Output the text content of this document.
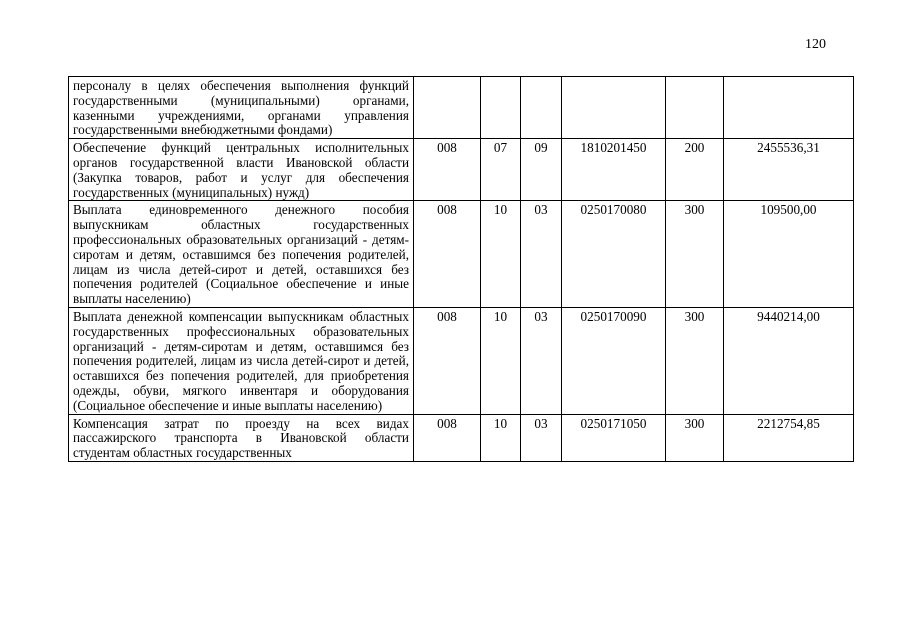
120
персоналу в целях обеспечения выполнения функций государственными (муниципальными) органами, казенными учреждениями, органами управления государственными внебюджетными фондами)						
Обеспечение функций центральных исполнительных органов государственной власти Ивановской области (Закупка товаров, работ и услуг для обеспечения государственных (муниципальных) нужд)	008	07	09	1810201450	200	2455536,31
Выплата единовременного денежного пособия выпускникам областных государственных профессиональных образовательных организаций - детям-сиротам и детям, оставшимся без попечения родителей, лицам из числа детей-сирот и детей, оставшихся без попечения родителей (Социальное обеспечение и иные выплаты населению)	008	10	03	0250170080	300	109500,00
Выплата денежной компенсации выпускникам областных государственных профессиональных образовательных организаций - детям-сиротам и детям, оставшимся без попечения родителей, лицам из числа детей-сирот и детей, оставшихся без попечения родителей, для приобретения одежды, обуви, мягкого инвентаря и оборудования (Социальное обеспечение и иные выплаты населению)	008	10	03	0250170090	300	9440214,00
Компенсация затрат по проезду на всех видах пассажирского транспорта в Ивановской области студентам областных государственных	008	10	03	0250171050	300	2212754,85
